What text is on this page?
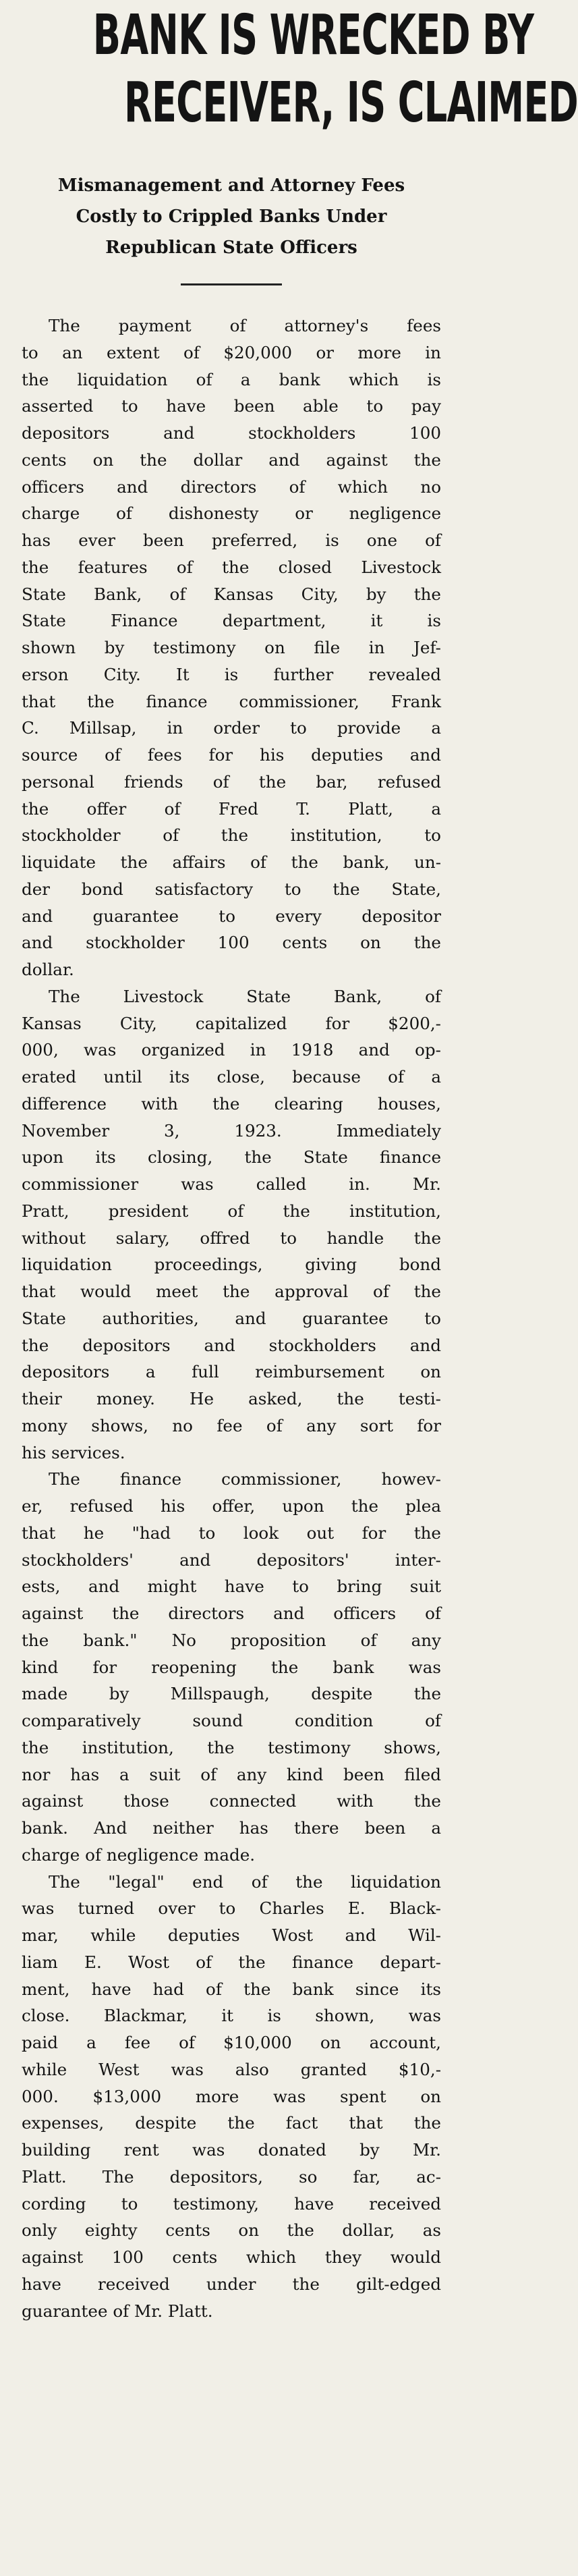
BANK IS WRECKED BY
RECEIVER, IS CLAIMED
Mismanagement and Attorney Fees
Costly to Crippled Banks Under
Republican State Officers
The payment of attorney's fees
to an extent of $20,000 or more in
the liquidation of a bank which is
asserted to have been able to pay
depositors and stockholders 100
cents on the dollar and against the
officers and directors of which no
charge of dishonesty or negligence
has ever been preferred, is one of
the features of the closed Livestock
State Bank, of Kansas City, by the
State Finance department, it is
shown by testimony on file in Jef-
erson City. It is further revealed
that the finance commissioner, Frank
C. Millsap, in order to provide a
source of fees for his deputies and
personal friends of the bar, refused
the offer of Fred T. Platt, a
stockholder of the institution, to
liquidate the affairs of the bank, un-
der bond satisfactory to the State,
and guarantee to every depositor
and stockholder 100 cents on the
dollar.
The Livestock State Bank, of
Kansas City, capitalized for $200,-
000, was organized in 1918 and op-
erated until its close, because of a
difference with the clearing houses,
November 3, 1923. Immediately
upon its closing, the State finance
commissioner was called in. Mr.
Pratt, president of the institution,
without salary, offred to handle the
liquidation proceedings, giving bond
that would meet the approval of the
State authorities, and guarantee to
the depositors and stockholders and
depositors a full reimbursement on
their money. He asked, the testi-
mony shows, no fee of any sort for
his services.
The finance commissioner, howev-
er, refused his offer, upon the plea
that he "had to look out for the
stockholders' and depositors' inter-
ests, and might have to bring suit
against the directors and officers of
the bank." No proposition of any
kind for reopening the bank was
made by Millspaugh, despite the
comparatively sound condition of
the institution, the testimony shows,
nor has a suit of any kind been filed
against those connected with the
bank. And neither has there been a
charge of negligence made.
The "legal" end of the liquidation
was turned over to Charles E. Black-
mar, while deputies Wost and Wil-
liam E. Wost of the finance depart-
ment, have had of the bank since its
close. Blackmar, it is shown, was
paid a fee of $10,000 on account,
while West was also granted $10,-
000. $13,000 more was spent on
expenses, despite the fact that the
building rent was donated by Mr.
Platt. The depositors, so far, ac-
cording to testimony, have received
only eighty cents on the dollar, as
against 100 cents which they would
have received under the gilt-edged
guarantee of Mr. Platt.
